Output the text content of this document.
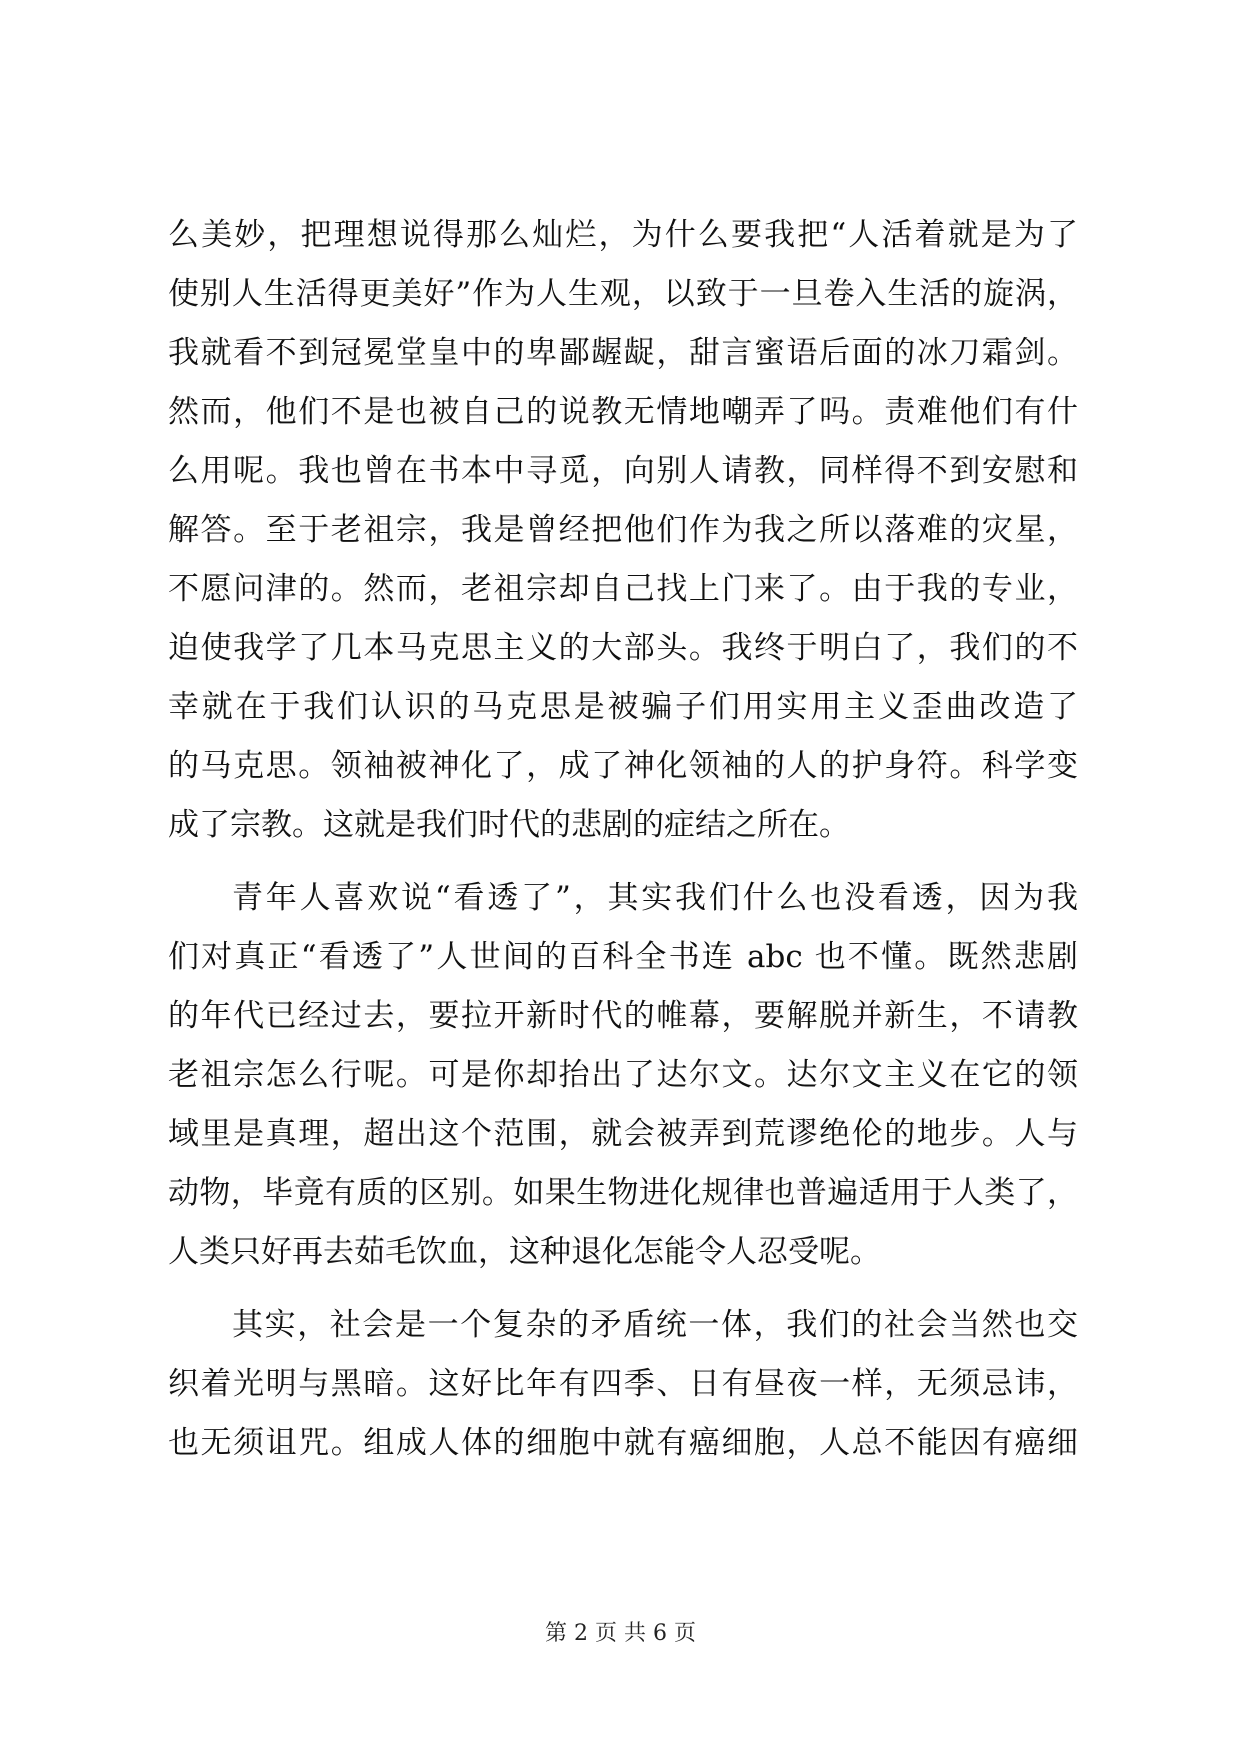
么美妙，把理想说得那么灿烂，为什么要我把“人活着就是为了
使别人生活得更美好”作为人生观，以致于一旦卷入生活的旋涡，
我就看不到冠冕堂皇中的卑鄙龌龊，甜言蜜语后面的冰刀霜剑。
然而，他们不是也被自己的说教无情地嘲弄了吗。责难他们有什
么用呢。我也曾在书本中寻觅，向别人请教，同样得不到安慰和
解答。至于老祖宗，我是曾经把他们作为我之所以落难的灾星，
不愿问津的。然而，老祖宗却自己找上门来了。由于我的专业，
迫使我学了几本马克思主义的大部头。我终于明白了，我们的不
幸就在于我们认识的马克思是被骗子们用实用主义歪曲改造了
的马克思。领袖被神化了，成了神化领袖的人的护身符。科学变
成了宗教。这就是我们时代的悲剧的症结之所在。
青年人喜欢说“看透了”，其实我们什么也没看透，因为我
们对真正“看透了”人世间的百科全书连 abc 也不懂。既然悲剧
的年代已经过去，要拉开新时代的帷幕，要解脱并新生，不请教
老祖宗怎么行呢。可是你却抬出了达尔文。达尔文主义在它的领
域里是真理，超出这个范围，就会被弄到荒谬绝伦的地步。人与
动物，毕竟有质的区别。如果生物进化规律也普遍适用于人类了，
人类只好再去茹毛饮血，这种退化怎能令人忍受呢。
其实，社会是一个复杂的矛盾统一体，我们的社会当然也交
织着光明与黑暗。这好比年有四季、日有昼夜一样，无须忌讳，
也无须诅咒。组成人体的细胞中就有癌细胞，人总不能因有癌细
第 2 页 共 6 页
